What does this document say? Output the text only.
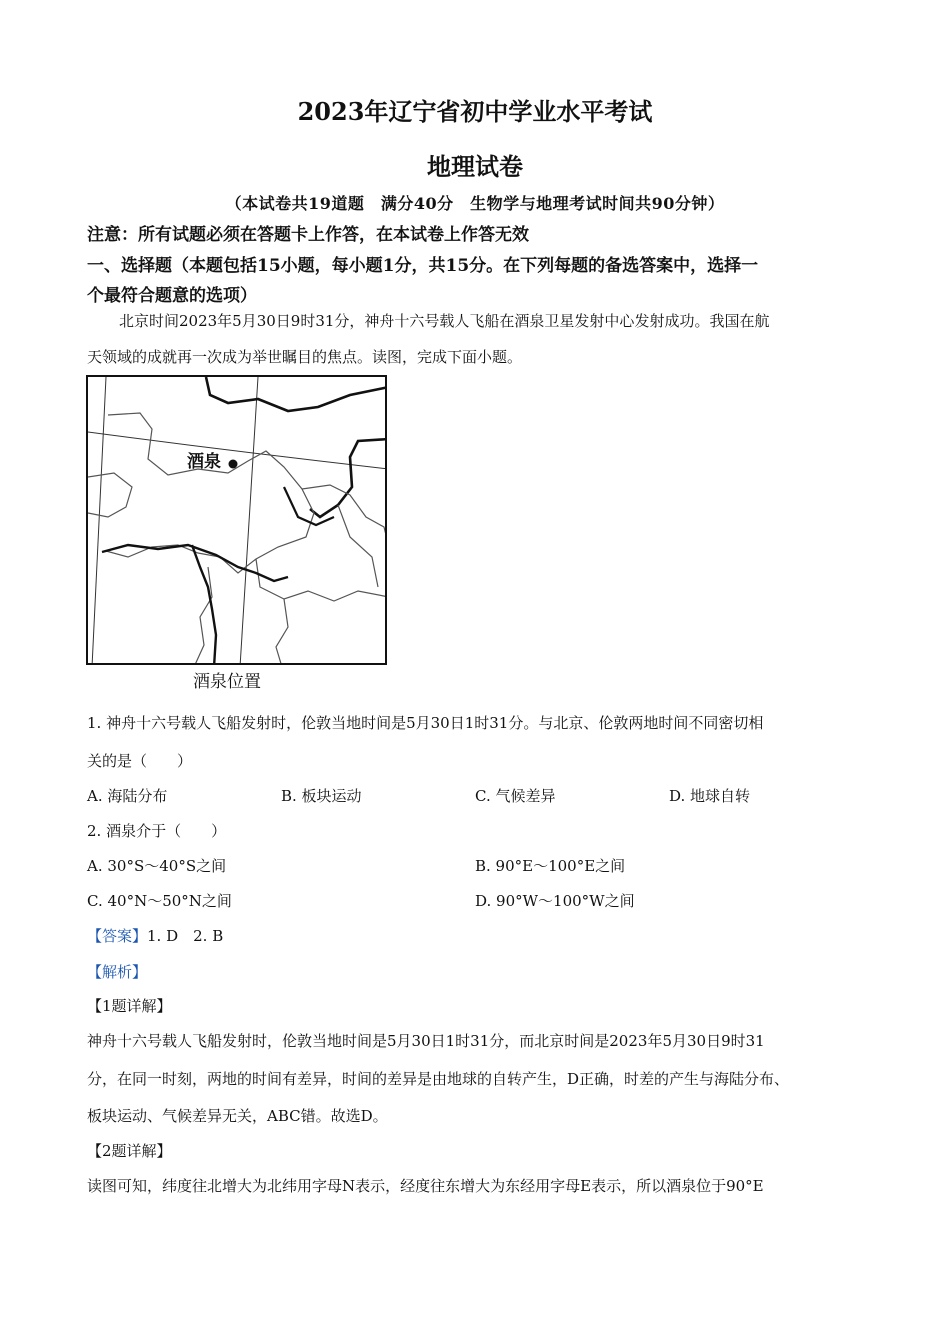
2023年辽宁省初中学业水平考试
地理试卷
（本试卷共19道题　满分40分　生物学与地理考试时间共90分钟）
注意：所有试题必须在答题卡上作答，在本试卷上作答无效
一、选择题（本题包括15小题，每小题1分，共15分。在下列每题的备选答案中，选择一
个最符合题意的选项）
北京时间2023年5月30日9时31分，神舟十六号载人飞船在酒泉卫星发射中心发射成功。我国在航
天领域的成就再一次成为举世瞩目的焦点。读图，完成下面小题。
酒泉
酒泉位置
1. 神舟十六号载人飞船发射时，伦敦当地时间是5月30日1时31分。与北京、伦敦两地时间不同密切相
关的是（　　）
A. 海陆分布	B. 板块运动	C. 气候差异	D. 地球自转
2. 酒泉介于（　　）
A. 30°S～40°S之间	B. 90°E～100°E之间
C. 40°N～50°N之间	D. 90°W～100°W之间
【答案】1. D　2. B
【解析】
【1题详解】
神舟十六号载人飞船发射时，伦敦当地时间是5月30日1时31分，而北京时间是2023年5月30日9时31
分，在同一时刻，两地的时间有差异，时间的差异是由地球的自转产生，D正确，时差的产生与海陆分布、
板块运动、气候差异无关，ABC错。故选D。
【2题详解】
读图可知，纬度往北增大为北纬用字母N表示，经度往东增大为东经用字母E表示，所以酒泉位于90°E
